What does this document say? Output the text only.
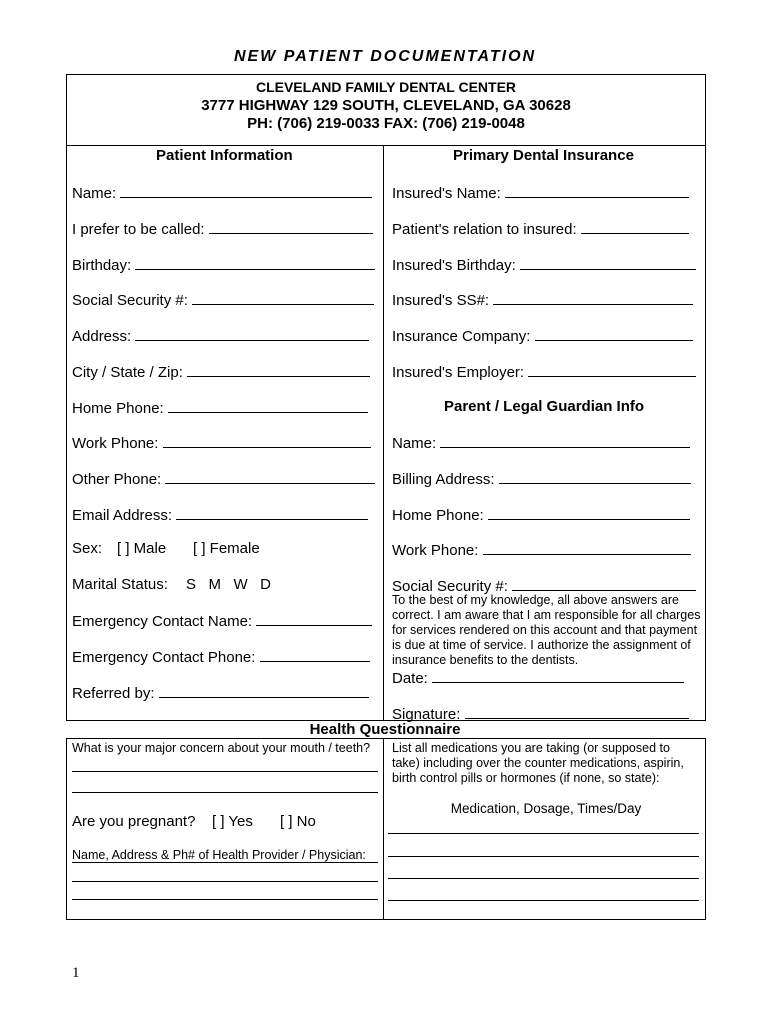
NEW PATIENT DOCUMENTATION
CLEVELAND FAMILY DENTAL CENTER
3777 HIGHWAY 129 SOUTH, CLEVELAND, GA 30628
PH: (706) 219-0033 FAX: (706) 219-0048
Patient Information
Name:
I prefer to be called:
Birthday:
Social Security #:
Address:
City / State / Zip:
Home Phone:
Work Phone:
Other Phone:
Email Address:
Sex: [ ] Male [ ] Female
Marital Status: S   M   W   D
Emergency Contact Name:
Emergency Contact Phone:
Referred by:
Primary Dental Insurance
Insured's Name:
Patient's relation to insured:
Insured's Birthday:
Insured's SS#:
Insurance Company:
Insured's Employer:
Parent / Legal Guardian Info
Name:
Billing Address:
Home Phone:
Work Phone:
Social Security #:
To the best of my knowledge, all above answers are correct. I am aware that I am responsible for all charges for services rendered on this account and that payment is due at time of service. I authorize the assignment of insurance benefits to the dentists.
Date:
Signature:
Health Questionnaire
What is your major concern about your mouth / teeth?
Are you pregnant? [ ] Yes [ ] No
Name, Address & Ph# of Health Provider / Physician:
List all medications you are taking (or supposed to take) including over the counter medications, aspirin, birth control pills or hormones (if none, so state):
Medication, Dosage, Times/Day
1
